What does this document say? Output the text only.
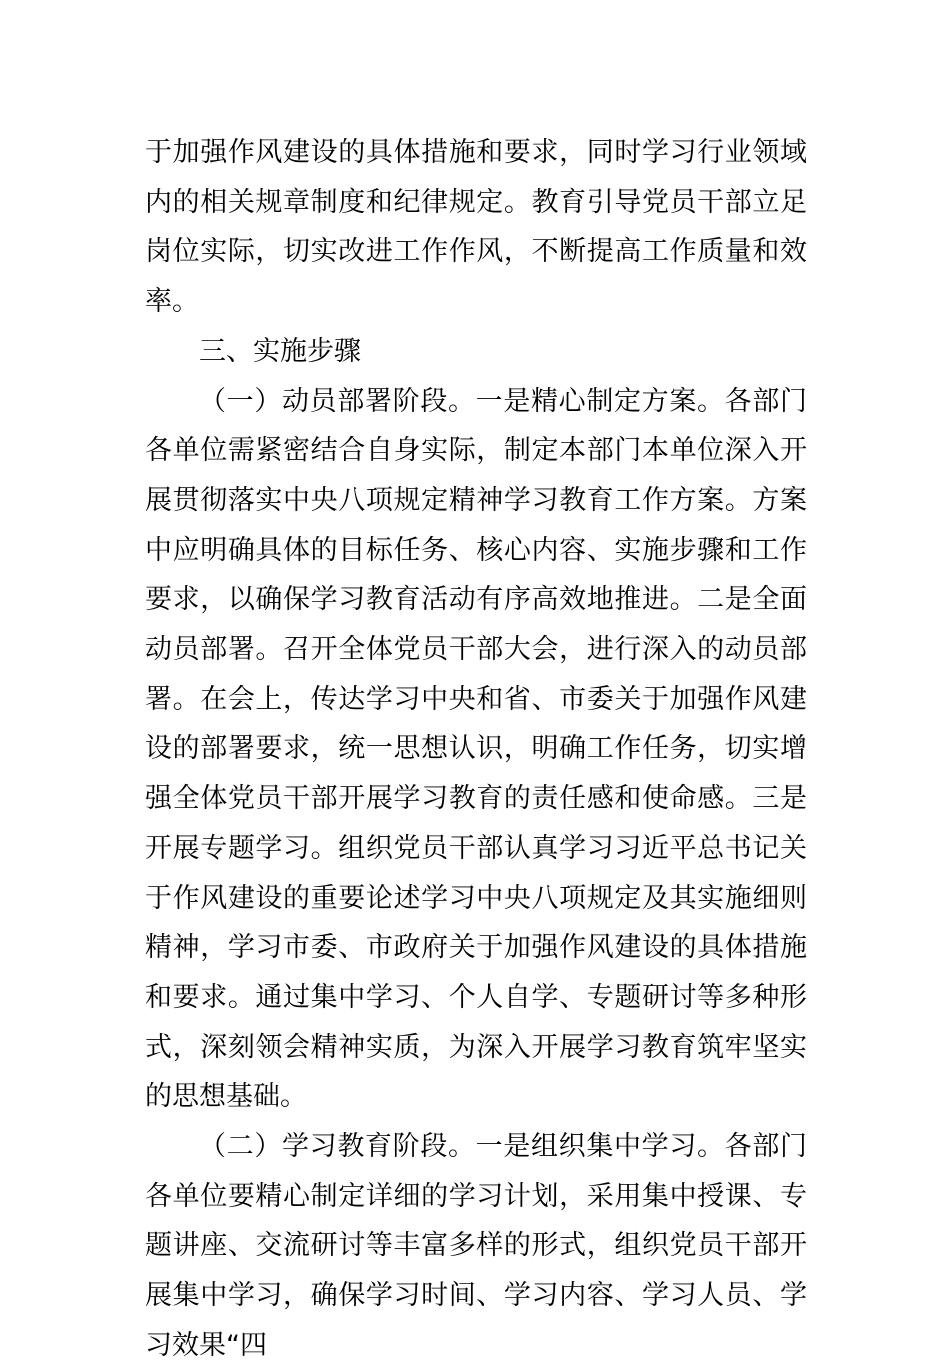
于加强作风建设的具体措施和要求，同时学习行业领域内的相关规章制度和纪律规定。教育引导党员干部立足岗位实际，切实改进工作作风，不断提高工作质量和效率。

三、实施步骤

（一）动员部署阶段。一是精心制定方案。各部门各单位需紧密结合自身实际，制定本部门本单位深入开展贯彻落实中央八项规定精神学习教育工作方案。方案中应明确具体的目标任务、核心内容、实施步骤和工作要求，以确保学习教育活动有序高效地推进。二是全面动员部署。召开全体党员干部大会，进行深入的动员部署。在会上，传达学习中央和省、市委关于加强作风建设的部署要求，统一思想认识，明确工作任务，切实增强全体党员干部开展学习教育的责任感和使命感。三是开展专题学习。组织党员干部认真学习习近平总书记关于作风建设的重要论述学习中央八项规定及其实施细则精神，学习市委、市政府关于加强作风建设的具体措施和要求。通过集中学习、个人自学、专题研讨等多种形式，深刻领会精神实质，为深入开展学习教育筑牢坚实的思想基础。

（二）学习教育阶段。一是组织集中学习。各部门各单位要精心制定详细的学习计划，采用集中授课、专题讲座、交流研讨等丰富多样的形式，组织党员干部开展集中学习，确保学习时间、学习内容、学习人员、学习效果“四
